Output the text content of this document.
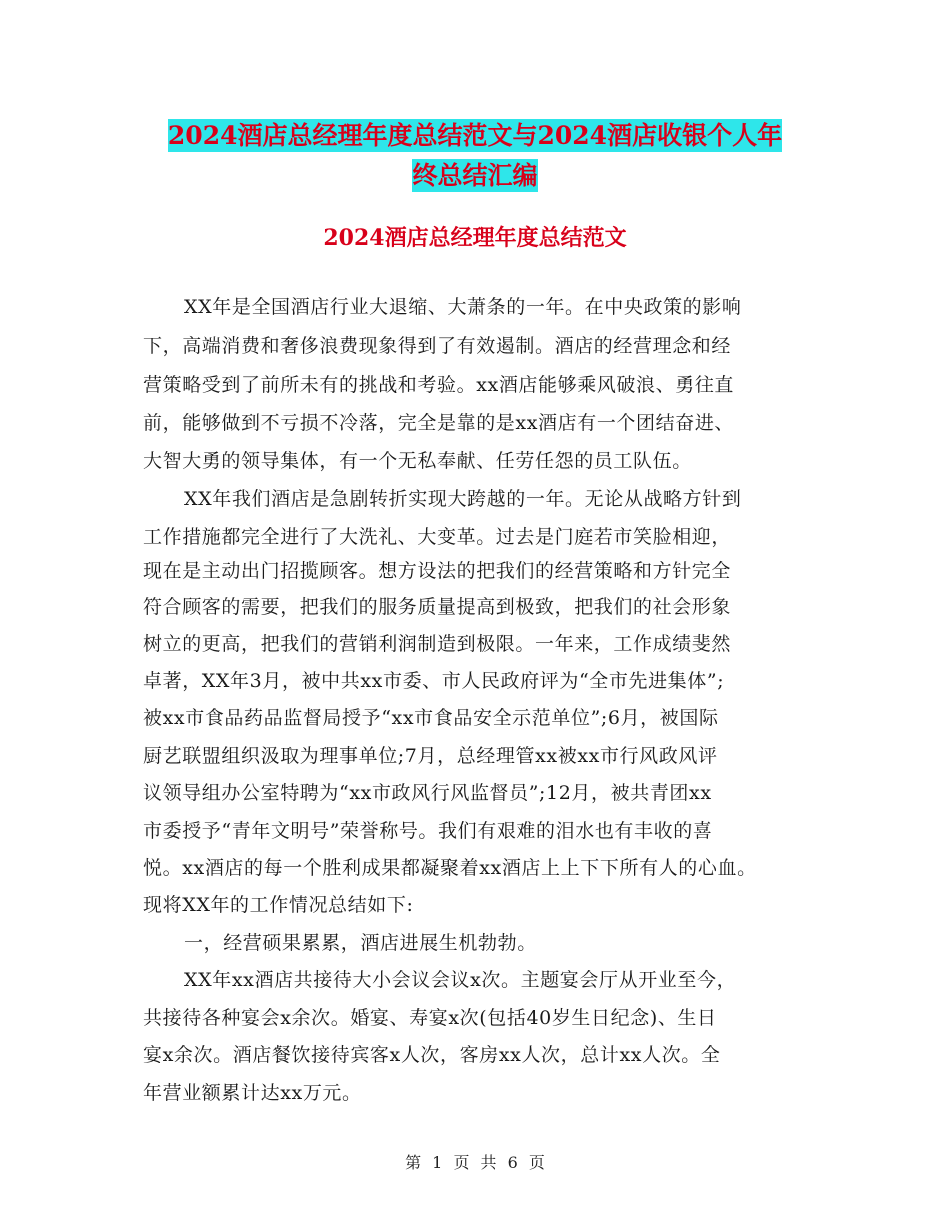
2024酒店总经理年度总结范文与2024酒店收银个人年
终总结汇编
2024酒店总经理年度总结范文
XX年是全国酒店行业大退缩、大萧条的一年。在中央政策的影响
下，高端消费和奢侈浪费现象得到了有效遏制。酒店的经营理念和经
营策略受到了前所未有的挑战和考验。xx酒店能够乘风破浪、勇往直
前，能够做到不亏损不冷落，完全是靠的是xx酒店有一个团结奋进、
大智大勇的领导集体，有一个无私奉献、任劳任怨的员工队伍。
XX年我们酒店是急剧转折实现大跨越的一年。无论从战略方针到
工作措施都完全进行了大洗礼、大变革。过去是门庭若市笑脸相迎，
现在是主动出门招揽顾客。想方设法的把我们的经营策略和方针完全
符合顾客的需要，把我们的服务质量提高到极致，把我们的社会形象
树立的更高，把我们的营销利润制造到极限。一年来，工作成绩斐然
卓著，XX年3月，被中共xx市委、市人民政府评为“全市先进集体”;
被xx市食品药品监督局授予“xx市食品安全示范单位”;6月，被国际
厨艺联盟组织汲取为理事单位;7月，总经理管xx被xx市行风政风评
议领导组办公室特聘为“xx市政风行风监督员”;12月，被共青团xx
市委授予“青年文明号”荣誉称号。我们有艰难的泪水也有丰收的喜
悦。xx酒店的每一个胜利成果都凝聚着xx酒店上上下下所有人的心血。
现将XX年的工作情况总结如下:
一，经营硕果累累，酒店进展生机勃勃。
XX年xx酒店共接待大小会议会议x次。主题宴会厅从开业至今，
共接待各种宴会x余次。婚宴、寿宴x次(包括40岁生日纪念)、生日
宴x余次。酒店餐饮接待宾客x人次，客房xx人次，总计xx人次。全
年营业额累计达xx万元。
第 1 页 共 6 页
